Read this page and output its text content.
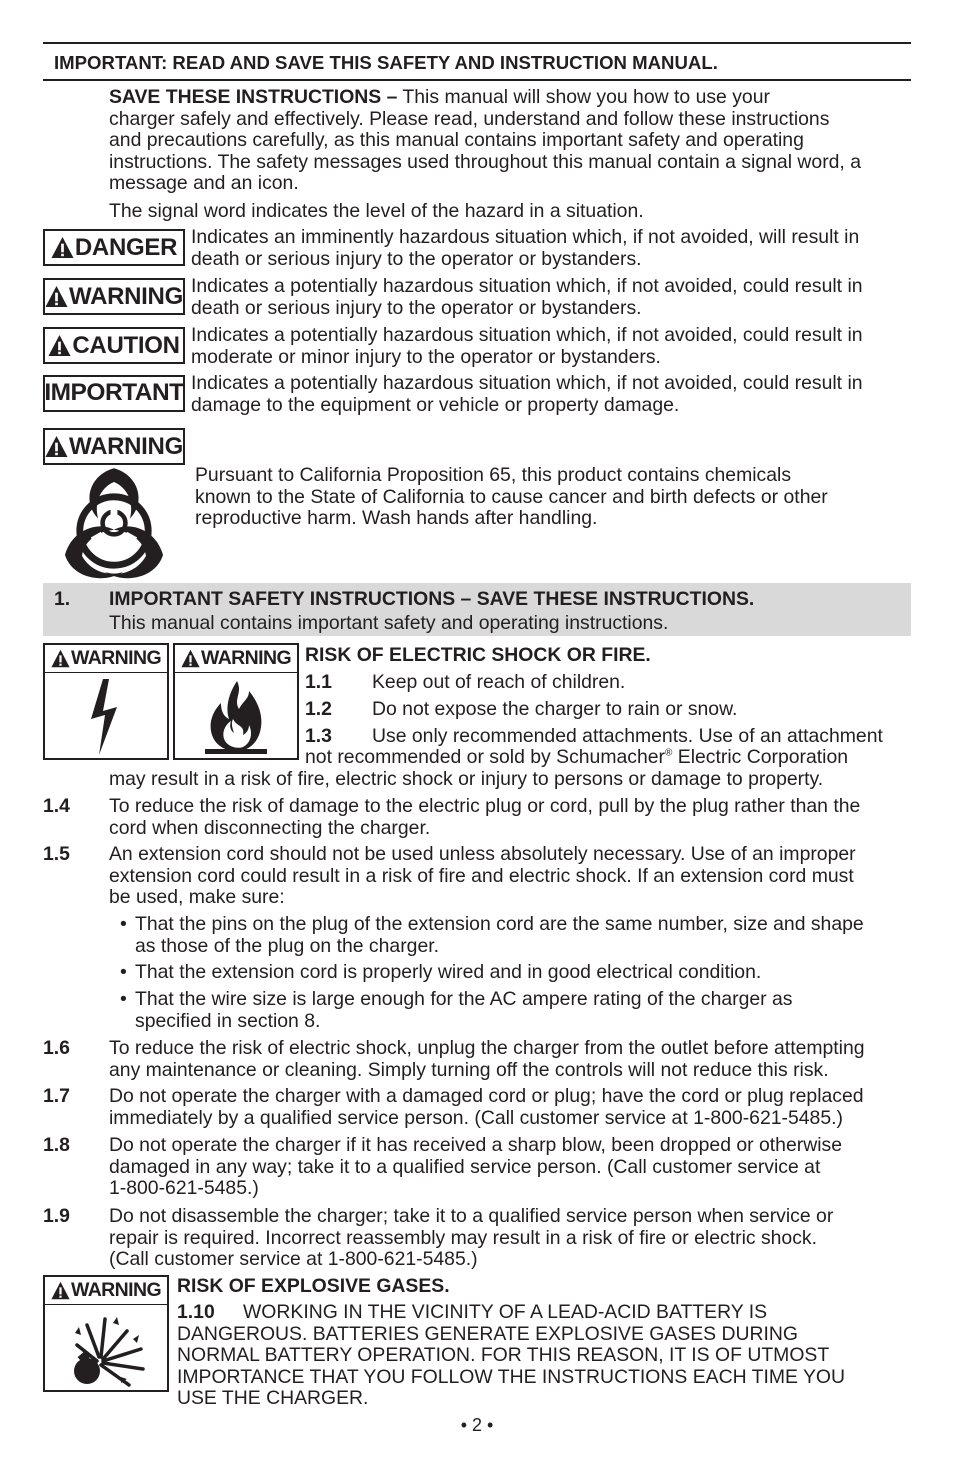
IMPORTANT: READ AND SAVE THIS SAFETY AND INSTRUCTION MANUAL.
SAVE THESE INSTRUCTIONS – This manual will show you how to use your
charger safely and effectively. Please read, understand and follow these instructions
and precautions carefully, as this manual contains important safety and operating
instructions. The safety messages used throughout this manual contain a signal word, a
message and an icon.
The signal word indicates the level of the hazard in a situation.
DANGER Indicates an imminently hazardous situation which, if not avoided, will result in
death or serious injury to the operator or bystanders.
WARNING Indicates a potentially hazardous situation which, if not avoided, could result in
death or serious injury to the operator or bystanders.
CAUTION Indicates a potentially hazardous situation which, if not avoided, could result in
moderate or minor injury to the operator or bystanders.
IMPORTANT Indicates a potentially hazardous situation which, if not avoided, could result in
damage to the equipment or vehicle or property damage.
WARNING
Pursuant to California Proposition 65, this product contains chemicals
known to the State of California to cause cancer and birth defects or other
reproductive harm. Wash hands after handling.
1. IMPORTANT SAFETY INSTRUCTIONS – SAVE THESE INSTRUCTIONS.
This manual contains important safety and operating instructions.
WARNING WARNING RISK OF ELECTRIC SHOCK OR FIRE.
1.1 Keep out of reach of children.
1.2 Do not expose the charger to rain or snow.
1.3 Use only recommended attachments. Use of an attachment
not recommended or sold by Schumacher® Electric Corporation
may result in a risk of fire, electric shock or injury to persons or damage to property.
1.4 To reduce the risk of damage to the electric plug or cord, pull by the plug rather than the
cord when disconnecting the charger.
1.5 An extension cord should not be used unless absolutely necessary. Use of an improper
extension cord could result in a risk of fire and electric shock. If an extension cord must
be used, make sure:
• That the pins on the plug of the extension cord are the same number, size and shape
as those of the plug on the charger.
• That the extension cord is properly wired and in good electrical condition.
• That the wire size is large enough for the AC ampere rating of the charger as
specified in section 8.
1.6 To reduce the risk of electric shock, unplug the charger from the outlet before attempting
any maintenance or cleaning. Simply turning off the controls will not reduce this risk.
1.7 Do not operate the charger with a damaged cord or plug; have the cord or plug replaced
immediately by a qualified service person. (Call customer service at 1-800-621-5485.)
1.8 Do not operate the charger if it has received a sharp blow, been dropped or otherwise
damaged in any way; take it to a qualified service person. (Call customer service at
1-800-621-5485.)
1.9 Do not disassemble the charger; take it to a qualified service person when service or
repair is required. Incorrect reassembly may result in a risk of fire or electric shock.
(Call customer service at 1-800-621-5485.)
WARNING RISK OF EXPLOSIVE GASES.
1.10 WORKING IN THE VICINITY OF A LEAD-ACID BATTERY IS
DANGEROUS. BATTERIES GENERATE EXPLOSIVE GASES DURING
NORMAL BATTERY OPERATION. FOR THIS REASON, IT IS OF UTMOST
IMPORTANCE THAT YOU FOLLOW THE INSTRUCTIONS EACH TIME YOU
USE THE CHARGER.
• 2 •
